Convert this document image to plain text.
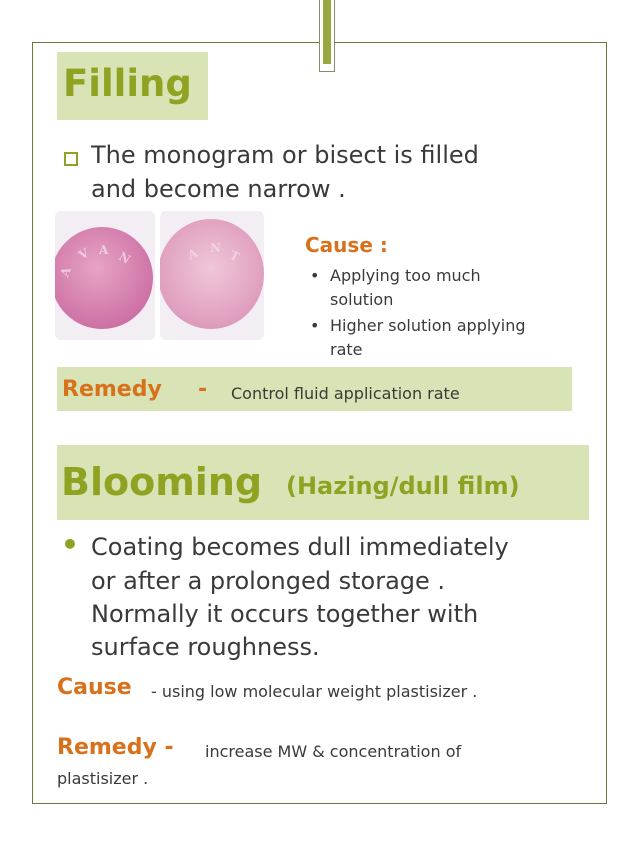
Filling

The monogram or bisect is filled

and become narrow .

A
V A N	A N T	Cause :

• Applying too much

solution

• Higher solution applying

rate

Remedy - Control fluid application rate

Blooming (Hazing/dull film)
• Coating becomes dull immediately

or after a prolonged storage .

Normally it occurs together with

surface roughness.

Cause - using low molecular weight plastisizer .

Remedy - increase MW & concentration of

plastisizer .
